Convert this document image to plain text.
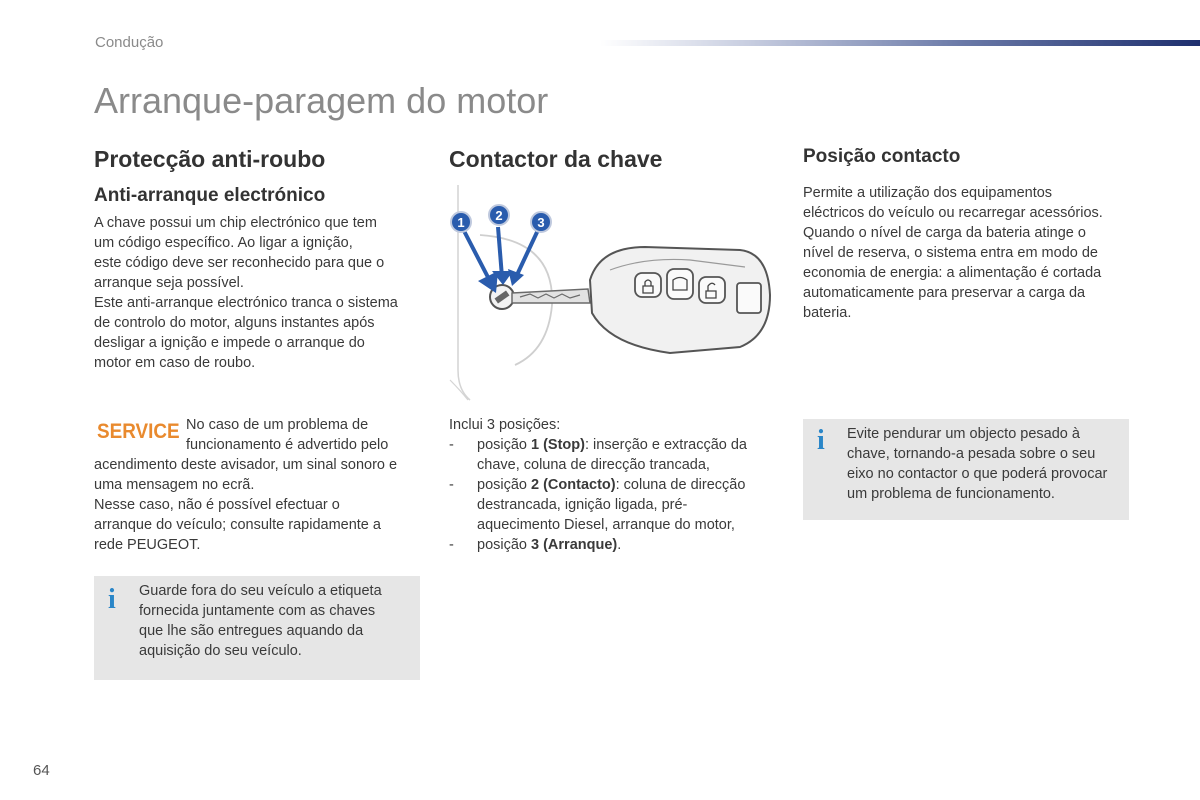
Condução
Arranque-paragem do motor
Protecção anti-roubo
Anti-arranque electrónico

A chave possui um chip electrónico que tem

um código específico. Ao ligar a ignição,

este código deve ser reconhecido para que o

arranque seja possível.

Este anti-arranque electrónico tranca o sistema

de controlo do motor, alguns instantes após

desligar a ignição e impede o arranque do

motor em caso de roubo.

SERVICE No caso de um problema de

funcionamento é advertido pelo

acendimento deste avisador, um sinal sonoro e

uma mensagem no ecrã.

Nesse caso, não é possível efectuar o

arranque do veículo; consulte rapidamente a

rede PEUGEOT.

i Guarde fora do seu veículo a etiqueta

fornecida juntamente com as chaves

que lhe são entregues aquando da

aquisição do seu veículo.

Contactor da chave
1 2	3

Inclui 3 posições:

- posição 1 (Stop): inserção e extracção da
chave, coluna de direcção trancada,
- posição 2 (Contacto): coluna de direcção
destrancada, ignição ligada, pré-
aquecimento Diesel, arranque do motor,
- posição 3 (Arranque).
Posição contacto

Permite a utilização dos equipamentos

eléctricos do veículo ou recarregar acessórios.

Quando o nível de carga da bateria atinge o

nível de reserva, o sistema entra em modo de

economia de energia: a alimentação é cortada

automaticamente para preservar a carga da

bateria.

i Evite pendurar um objecto pesado à

chave, tornando-a pesada sobre o seu

eixo no contactor o que poderá provocar

um problema de funcionamento.

64
